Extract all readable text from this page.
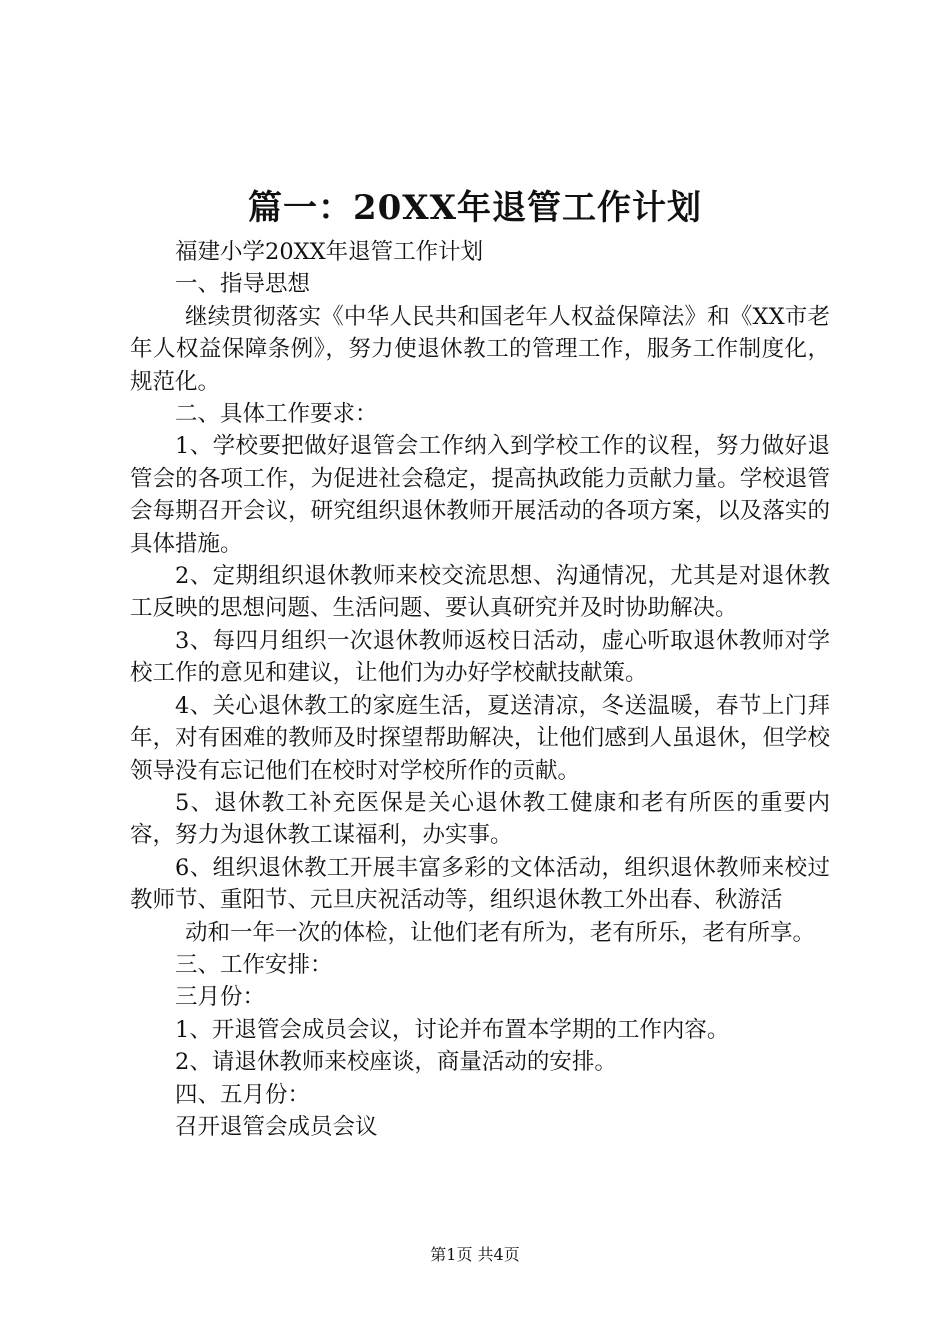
篇一：20XX年退管工作计划

福建小学20XX年退管工作计划

一、指导思想

继续贯彻落实《中华人民共和国老年人权益保障法》和《XX市老年人权益保障条例》，努力使退休教工的管理工作，服务工作制度化，规范化。

二、具体工作要求：

1、学校要把做好退管会工作纳入到学校工作的议程，努力做好退管会的各项工作，为促进社会稳定，提高执政能力贡献力量。学校退管会每期召开会议，研究组织退休教师开展活动的各项方案，以及落实的具体措施。

2、定期组织退休教师来校交流思想、沟通情况，尤其是对退休教工反映的思想问题、生活问题、要认真研究并及时协助解决。

3、每四月组织一次退休教师返校日活动，虚心听取退休教师对学校工作的意见和建议，让他们为办好学校献技献策。

4、关心退休教工的家庭生活，夏送清凉，冬送温暖，春节上门拜年，对有困难的教师及时探望帮助解决，让他们感到人虽退休，但学校领导没有忘记他们在校时对学校所作的贡献。

5、退休教工补充医保是关心退休教工健康和老有所医的重要内容，努力为退休教工谋福利，办实事。

6、组织退休教工开展丰富多彩的文体活动，组织退休教师来校过教师节、重阳节、元旦庆祝活动等，组织退休教工外出春、秋游活

动和一年一次的体检，让他们老有所为，老有所乐，老有所享。

三、工作安排：

三月份：

1、开退管会成员会议，讨论并布置本学期的工作内容。

2、请退休教师来校座谈，商量活动的安排。

四、五月份：

召开退管会成员会议

第1页 共4页
